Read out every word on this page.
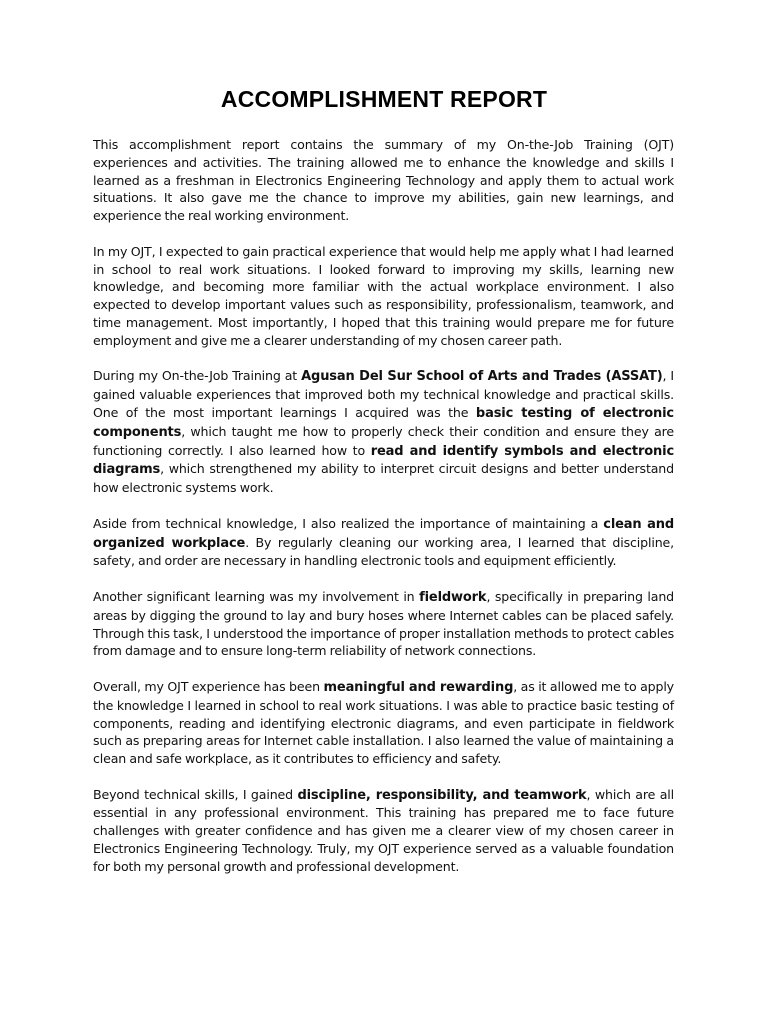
ACCOMPLISHMENT REPORT

This accomplishment report contains the summary of my On-the-Job Training (OJT) experiences and activities. The training allowed me to enhance the knowledge and skills I learned as a freshman in Electronics Engineering Technology and apply them to actual work situations. It also gave me the chance to improve my abilities, gain new learnings, and experience the real working environment.

In my OJT, I expected to gain practical experience that would help me apply what I had learned in school to real work situations. I looked forward to improving my skills, learning new knowledge, and becoming more familiar with the actual workplace environment. I also expected to develop important values such as responsibility, professionalism, teamwork, and time management. Most importantly, I hoped that this training would prepare me for future employment and give me a clearer understanding of my chosen career path.

During my On-the-Job Training at Agusan Del Sur School of Arts and Trades (ASSAT), I gained valuable experiences that improved both my technical knowledge and practical skills. One of the most important learnings I acquired was the basic testing of electronic components, which taught me how to properly check their condition and ensure they are functioning correctly. I also learned how to read and identify symbols and electronic diagrams, which strengthened my ability to interpret circuit designs and better understand how electronic systems work.

Aside from technical knowledge, I also realized the importance of maintaining a clean and organized workplace. By regularly cleaning our working area, I learned that discipline, safety, and order are necessary in handling electronic tools and equipment efficiently.

Another significant learning was my involvement in fieldwork, specifically in preparing land areas by digging the ground to lay and bury hoses where Internet cables can be placed safely. Through this task, I understood the importance of proper installation methods to protect cables from damage and to ensure long-term reliability of network connections.

Overall, my OJT experience has been meaningful and rewarding, as it allowed me to apply the knowledge I learned in school to real work situations. I was able to practice basic testing of components, reading and identifying electronic diagrams, and even participate in fieldwork such as preparing areas for Internet cable installation. I also learned the value of maintaining a clean and safe workplace, as it contributes to efficiency and safety.

Beyond technical skills, I gained discipline, responsibility, and teamwork, which are all essential in any professional environment. This training has prepared me to face future challenges with greater confidence and has given me a clearer view of my chosen career in Electronics Engineering Technology. Truly, my OJT experience served as a valuable foundation for both my personal growth and professional development.
